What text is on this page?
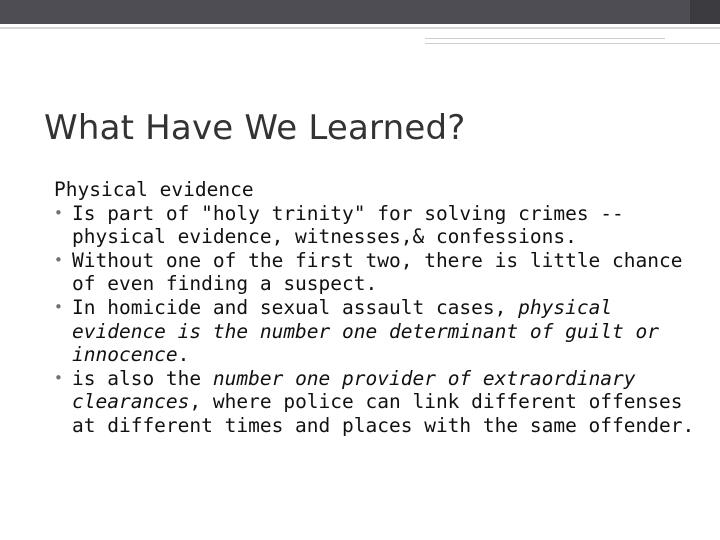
What Have We Learned?

Physical evidence

• Is part of "holy trinity" for solving crimes -- physical evidence, witnesses,& confessions.
• Without one of the first two, there is little chance of even finding a suspect.
• In homicide and sexual assault cases, physical evidence is the number one determinant of guilt or innocence.
• is also the number one provider of extraordinary clearances, where police can link different offenses at different times and places with the same offender.
